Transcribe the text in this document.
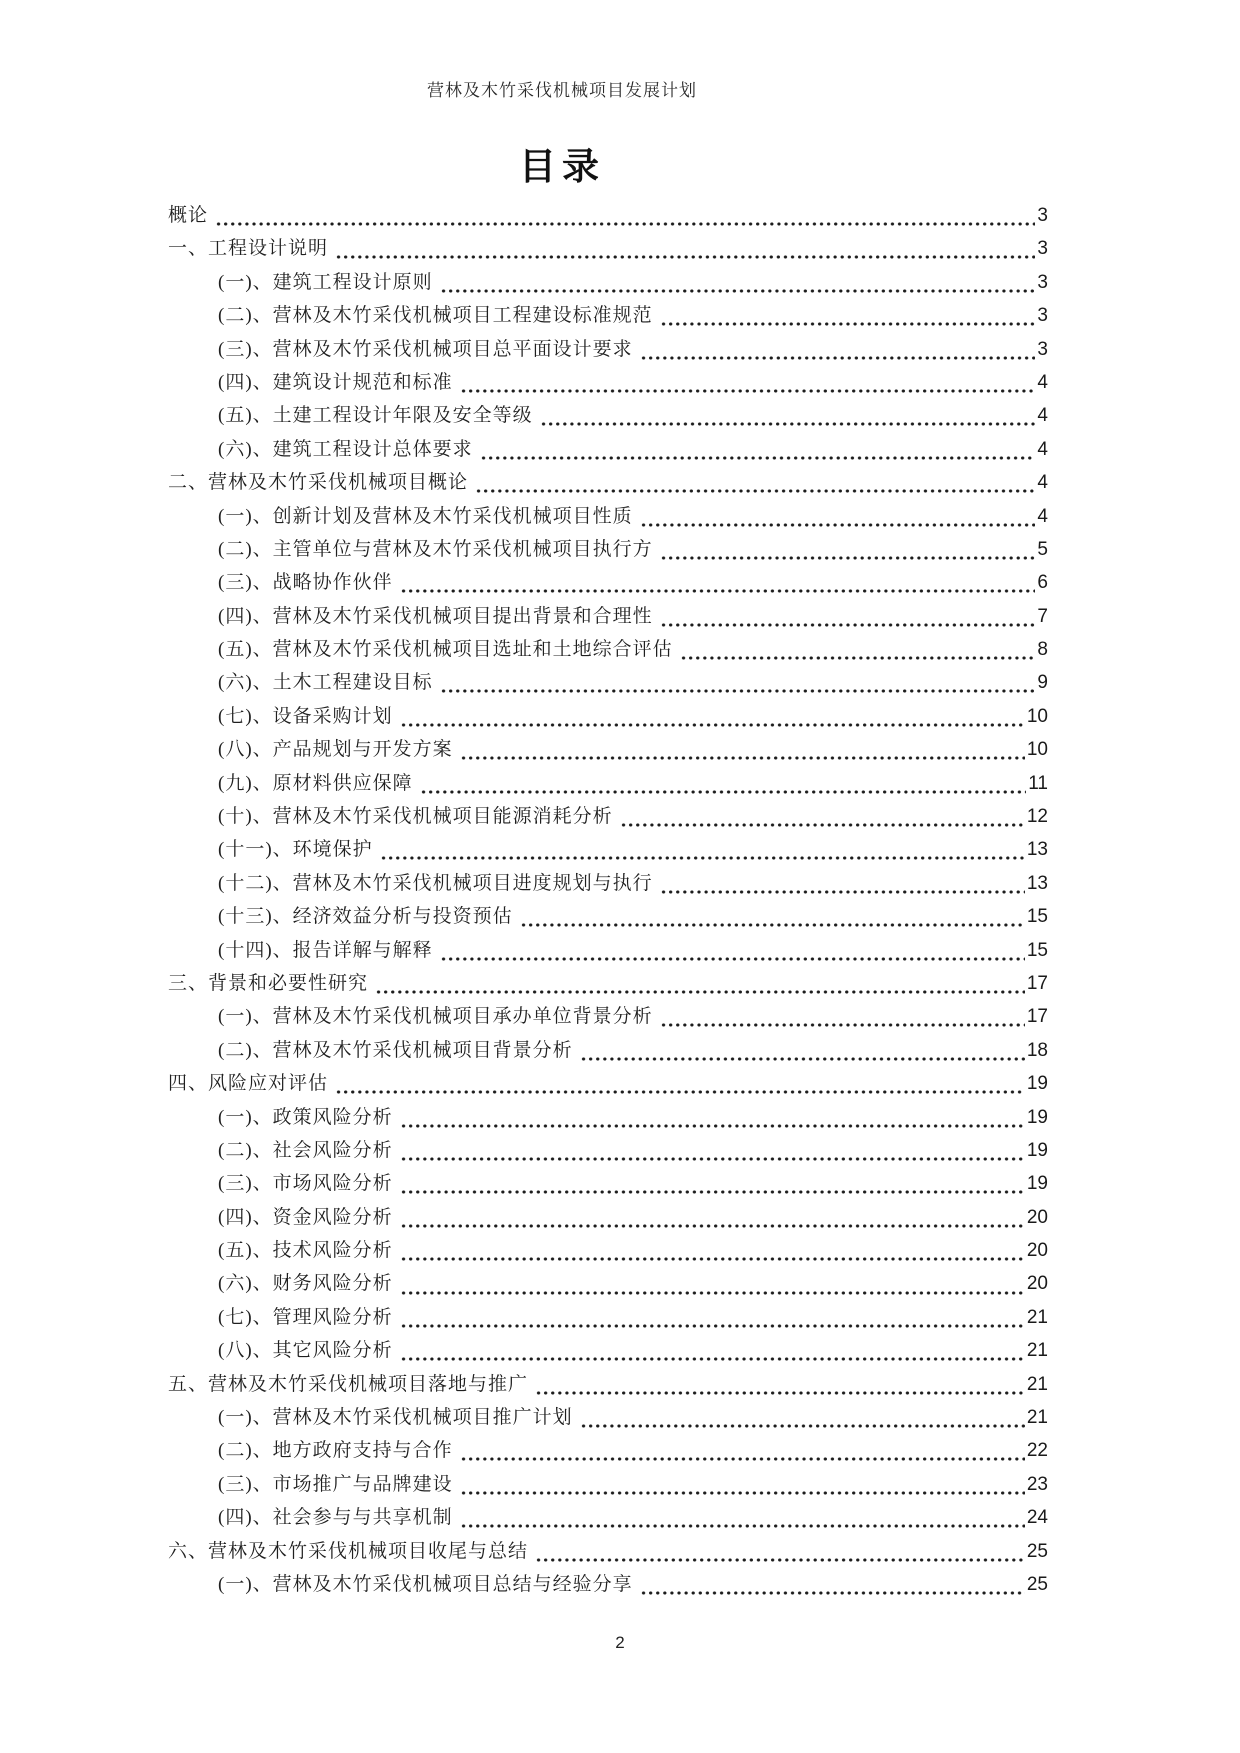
营林及木竹采伐机械项目发展计划
目录
概论	3
一、工程设计说明	3
(一)、建筑工程设计原则	3
(二)、营林及木竹采伐机械项目工程建设标准规范	3
(三)、营林及木竹采伐机械项目总平面设计要求	3
(四)、建筑设计规范和标准	4
(五)、土建工程设计年限及安全等级	4
(六)、建筑工程设计总体要求	4
二、营林及木竹采伐机械项目概论	4
(一)、创新计划及营林及木竹采伐机械项目性质	4
(二)、主管单位与营林及木竹采伐机械项目执行方	5
(三)、战略协作伙伴	6
(四)、营林及木竹采伐机械项目提出背景和合理性	7
(五)、营林及木竹采伐机械项目选址和土地综合评估	8
(六)、土木工程建设目标	9
(七)、设备采购计划	10
(八)、产品规划与开发方案	10
(九)、原材料供应保障	11
(十)、营林及木竹采伐机械项目能源消耗分析	12
(十一)、环境保护	13
(十二)、营林及木竹采伐机械项目进度规划与执行	13
(十三)、经济效益分析与投资预估	15
(十四)、报告详解与解释	15
三、背景和必要性研究	17
(一)、营林及木竹采伐机械项目承办单位背景分析	17
(二)、营林及木竹采伐机械项目背景分析	18
四、风险应对评估	19
(一)、政策风险分析	19
(二)、社会风险分析	19
(三)、市场风险分析	19
(四)、资金风险分析	20
(五)、技术风险分析	20
(六)、财务风险分析	20
(七)、管理风险分析	21
(八)、其它风险分析	21
五、营林及木竹采伐机械项目落地与推广	21
(一)、营林及木竹采伐机械项目推广计划	21
(二)、地方政府支持与合作	22
(三)、市场推广与品牌建设	23
(四)、社会参与与共享机制	24
六、营林及木竹采伐机械项目收尾与总结	25
(一)、营林及木竹采伐机械项目总结与经验分享	25
2
